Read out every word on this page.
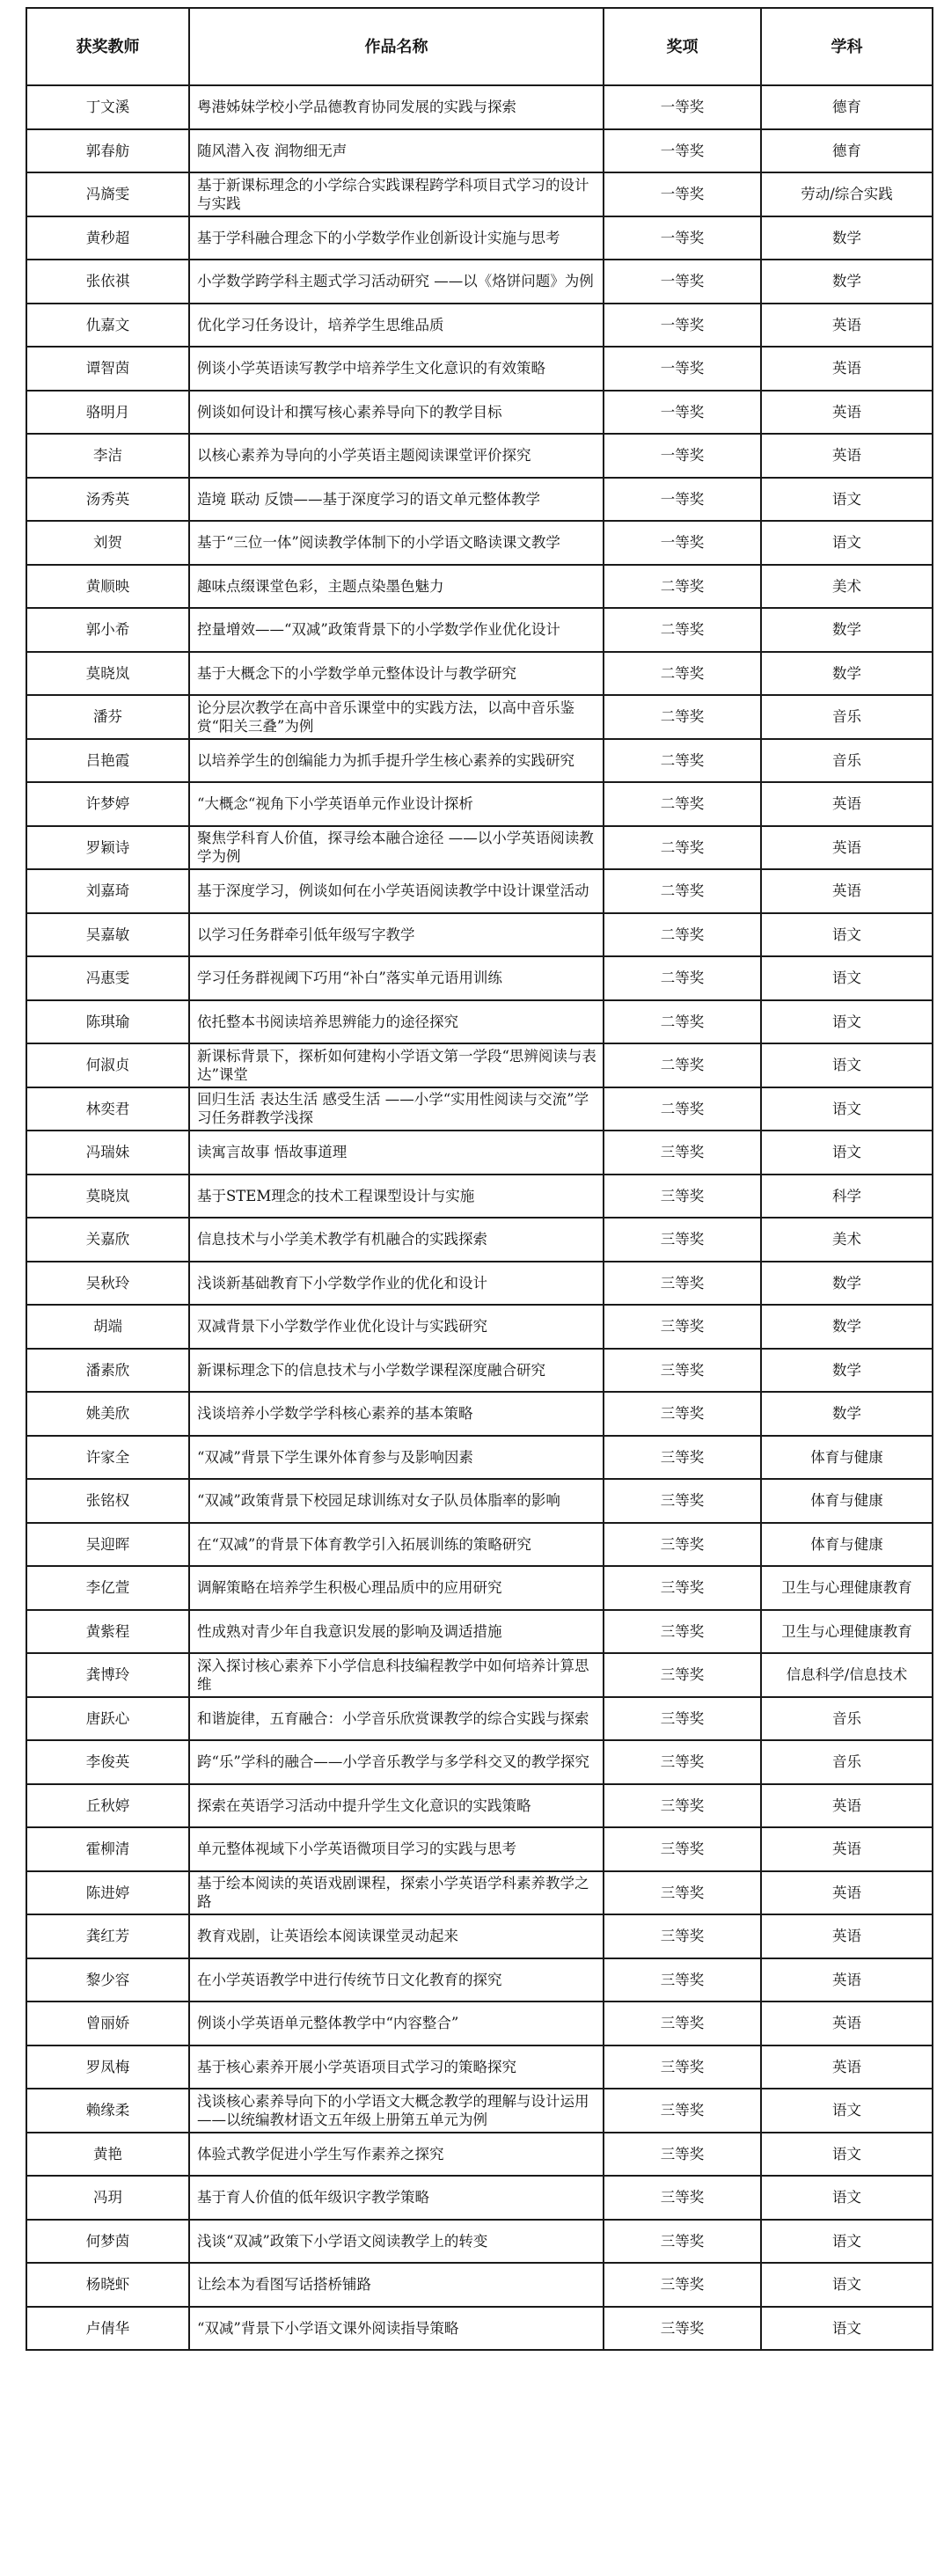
获奖教师	作品名称	奖项	学科
丁文溪	粤港姊妹学校小学品德教育协同发展的实践与探索	一等奖	德育
郭春舫	随风潜入夜 润物细无声	一等奖	德育
冯旖雯	基于新课标理念的小学综合实践课程跨学科项目式学习的设计与实践	一等奖	劳动/综合实践
黄秒超	基于学科融合理念下的小学数学作业创新设计实施与思考	一等奖	数学
张依祺	小学数学跨学科主题式学习活动研究 ——以《烙饼问题》为例	一等奖	数学
仇嘉文	优化学习任务设计，培养学生思维品质	一等奖	英语
谭智茵	例谈小学英语读写教学中培养学生文化意识的有效策略	一等奖	英语
骆明月	例谈如何设计和撰写核心素养导向下的教学目标	一等奖	英语
李洁	以核心素养为导向的小学英语主题阅读课堂评价探究	一等奖	英语
汤秀英	造境 联动 反馈——基于深度学习的语文单元整体教学	一等奖	语文
刘贺	基于“三位一体”阅读教学体制下的小学语文略读课文教学	一等奖	语文
黄顺映	趣味点缀课堂色彩，主题点染墨色魅力	二等奖	美术
郭小希	控量增效——“双减”政策背景下的小学数学作业优化设计	二等奖	数学
莫晓岚	基于大概念下的小学数学单元整体设计与教学研究	二等奖	数学
潘芬	论分层次教学在高中音乐课堂中的实践方法，以高中音乐鉴赏“阳关三叠”为例	二等奖	音乐
吕艳霞	以培养学生的创编能力为抓手提升学生核心素养的实践研究	二等奖	音乐
许梦婷	“大概念“视角下小学英语单元作业设计探析	二等奖	英语
罗颖诗	聚焦学科育人价值，探寻绘本融合途径 ——以小学英语阅读教学为例	二等奖	英语
刘嘉琦	基于深度学习，例谈如何在小学英语阅读教学中设计课堂活动	二等奖	英语
吴嘉敏	以学习任务群牵引低年级写字教学	二等奖	语文
冯惠雯	学习任务群视阈下巧用“补白”落实单元语用训练	二等奖	语文
陈琪瑜	依托整本书阅读培养思辨能力的途径探究	二等奖	语文
何淑贞	新课标背景下，探析如何建构小学语文第一学段“思辨阅读与表达”课堂	二等奖	语文
林奕君	回归生活 表达生活 感受生活 ——小学“实用性阅读与交流”学习任务群教学浅探	二等奖	语文
冯瑞妹	读寓言故事 悟故事道理	三等奖	语文
莫晓岚	基于STEM理念的技术工程课型设计与实施	三等奖	科学
关嘉欣	信息技术与小学美术教学有机融合的实践探索	三等奖	美术
吴秋玲	浅谈新基础教育下小学数学作业的优化和设计	三等奖	数学
胡端	双减背景下小学数学作业优化设计与实践研究	三等奖	数学
潘素欣	新课标理念下的信息技术与小学数学课程深度融合研究	三等奖	数学
姚美欣	浅谈培养小学数学学科核心素养的基本策略	三等奖	数学
许家全	“双减”背景下学生课外体育参与及影响因素	三等奖	体育与健康
张铭权	“双减”政策背景下校园足球训练对女子队员体脂率的影响	三等奖	体育与健康
吴迎晖	在“双减”的背景下体育教学引入拓展训练的策略研究	三等奖	体育与健康
李亿萱	调解策略在培养学生积极心理品质中的应用研究	三等奖	卫生与心理健康教育
黄紫程	性成熟对青少年自我意识发展的影响及调适措施	三等奖	卫生与心理健康教育
龚博玲	深入探讨核心素养下小学信息科技编程教学中如何培养计算思维	三等奖	信息科学/信息技术
唐跃心	和谐旋律，五育融合：小学音乐欣赏课教学的综合实践与探索	三等奖	音乐
李俊英	跨“乐”学科的融合——小学音乐教学与多学科交叉的教学探究	三等奖	音乐
丘秋婷	探索在英语学习活动中提升学生文化意识的实践策略	三等奖	英语
霍柳清	单元整体视域下小学英语微项目学习的实践与思考	三等奖	英语
陈进婷	基于绘本阅读的英语戏剧课程，探索小学英语学科素养教学之路	三等奖	英语
龚红芳	教育戏剧，让英语绘本阅读课堂灵动起来	三等奖	英语
黎少容	在小学英语教学中进行传统节日文化教育的探究	三等奖	英语
曾丽娇	例谈小学英语单元整体教学中“内容整合”	三等奖	英语
罗凤梅	基于核心素养开展小学英语项目式学习的策略探究	三等奖	英语
赖缘柔	浅谈核心素养导向下的小学语文大概念教学的理解与设计运用——以统编教材语文五年级上册第五单元为例	三等奖	语文
黄艳	体验式教学促进小学生写作素养之探究	三等奖	语文
冯玥	基于育人价值的低年级识字教学策略	三等奖	语文
何梦茵	浅谈“双减”政策下小学语文阅读教学上的转变	三等奖	语文
杨晓虾	让绘本为看图写话搭桥铺路	三等奖	语文
卢倩华	“双减”背景下小学语文课外阅读指导策略	三等奖	语文
